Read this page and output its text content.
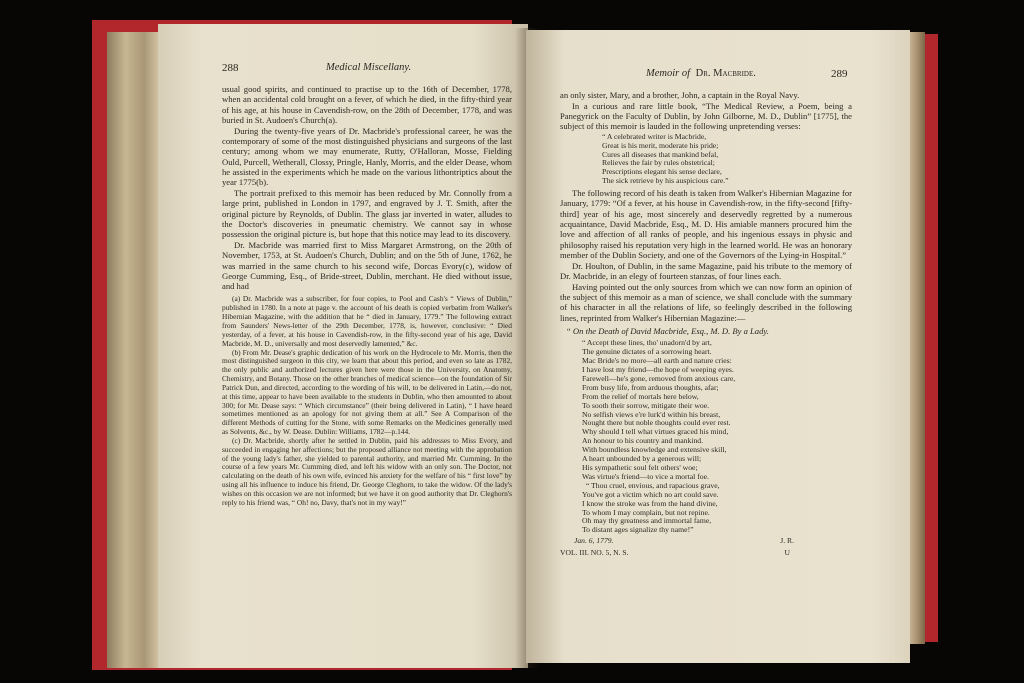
288	Medical Miscellany.

usual good spirits, and continued to practise up to the 16th of December, 1778, when an accidental cold brought on a fever, of which he died, in the fifty-third year of his age, at his house in Cavendish-row, on the 28th of December, 1778, and was buried in St. Audoen's Church(a).

During the twenty-five years of Dr. Macbride's professional career, he was the contemporary of some of the most distinguished physicians and surgeons of the last century; among whom we may enumerate, Rutty, O'Halloran, Mosse, Fielding Ould, Purcell, Wetherall, Clossy, Pringle, Hanly, Morris, and the elder Dease, whom he assisted in the experiments which he made on the various lithontriptics about the year 1775(b).

The portrait prefixed to this memoir has been reduced by Mr. Connolly from a large print, published in London in 1797, and engraved by J. T. Smith, after the original picture by Reynolds, of Dublin. The glass jar inverted in water, alludes to the Doctor's discoveries in pneumatic chemistry. We cannot say in whose possession the original picture is, but hope that this notice may lead to its discovery.

Dr. Macbride was married first to Miss Margaret Armstrong, on the 20th of November, 1753, at St. Audoen's Church, Dublin; and on the 5th of June, 1762, he was married in the same church to his second wife, Dorcas Evory(c), widow of George Cumming, Esq., of Bride-street, Dublin, merchant. He died without issue, and had

(a) Dr. Macbride was a subscriber, for four copies, to Pool and Cash's “ Views of Dublin,” published in 1780. In a note at page v. the account of his death is copied verbatim from Walker's Hibernian Magazine, with the addition that he “ died in January, 1779.” The following extract from Saunders' News-letter of the 29th December, 1778, is, however, conclusive: “ Died yesterday, of a fever, at his house in Cavendish-row, in the fifty-second year of his age, David Macbride, M. D., universally and most deservedly lamented,” &c.

(b) From Mr. Dease's graphic dedication of his work on the Hydrocele to Mr. Morris, then the most distinguished surgeon in this city, we learn that about this period, and even so late as 1782, the only public and authorized lectures given here were those in the University, on Anatomy, Chemistry, and Botany. Those on the other branches of medical science—on the foundation of Sir Patrick Dun, and directed, according to the wording of his will, to be delivered in Latin,—do not, at this time, appear to have been available to the students in Dublin, who then amounted to about 300; for Mr. Dease says: “ Which circumstance” (their being delivered in Latin), “ I have heard sometimes mentioned as an apology for not giving them at all.” See A Comparison of the different Methods of cutting for the Stone, with some Remarks on the Medicines generally used as Solvents, &c., by W. Dease. Dublin: Williams, 1782—p.144.

(c) Dr. Macbride, shortly after he settled in Dublin, paid his addresses to Miss Evory, and succeeded in engaging her affections; but the proposed alliance not meeting with the approbation of the young lady's father, she yielded to parental authority, and married Mr. Cumming. In the course of a few years Mr. Cumming died, and left his widow with an only son. The Doctor, not calculating on the death of his own wife, evinced his anxiety for the welfare of his “ first love” by using all his influence to induce his friend, Dr. George Cleghorn, to take the widow. Of the lady's wishes on this occasion we are not informed; but we have it on good authority that Dr. Cleghorn's reply to his friend was, “ Oh! no, Davy, that's not in my way!”

Memoir of Dr. Macbride.	289

an only sister, Mary, and a brother, John, a captain in the Royal Navy.

In a curious and rare little book, “The Medical Review, a Poem, being a Panegyrick on the Faculty of Dublin, by John Gilborne, M. D., Dublin” [1775], the subject of this memoir is lauded in the following unpretending verses:

“ A celebrated writer is Macbride,
Great is his merit, moderate his pride;
Cures all diseases that mankind befal,
Relieves the fair by rules obstetrical;
Prescriptions elegant his sense declare,
The sick retrieve by his auspicious care.”

The following record of his death is taken from Walker's Hibernian Magazine for January, 1779: “Of a fever, at his house in Cavendish-row, in the fifty-second [fifty-third] year of his age, most sincerely and deservedly regretted by a numerous acquaintance, David Macbride, Esq., M. D. His amiable manners procured him the love and affection of all ranks of people, and his ingenious essays in physic and philosophy raised his reputation very high in the learned world. He was an honorary member of the Dublin Society, and one of the Governors of the Lying-in Hospital.”

Dr. Houlton, of Dublin, in the same Magazine, paid his tribute to the memory of Dr. Macbride, in an elegy of fourteen stanzas, of four lines each.

Having pointed out the only sources from which we can now form an opinion of the subject of this memoir as a man of science, we shall conclude with the summary of his character in all the relations of life, so feelingly described in the following lines, reprinted from Walker's Hibernian Magazine:—

“ On the Death of David Macbride, Esq., M. D. By a Lady.
“ Accept these lines, tho' unadorn'd by art,
The genuine dictates of a sorrowing heart.
Mac Bride's no more—all earth and nature cries:
I have lost my friend—the hope of weeping eyes.
Farewell—he's gone, removed from anxious care,
From busy life, from arduous thoughts, afar;
From the relief of mortals here below,
To sooth their sorrow, mitigate their woe.
No selfish views e're lurk'd within his breast,
Nought there but noble thoughts could ever rest.
Why should I tell what virtues graced his mind,
An honour to his country and mankind.
With boundless knowledge and extensive skill,
A heart unbounded by a generous will;
His sympathetic soul felt others' woe;
Was virtue's friend—to vice a mortal foe.
“ Thou cruel, envious, and rapacious grave,
You've got a victim which no art could save.
I know the stroke was from the hand divine,
To whom I may complain, but not repine.
Oh may thy greatness and immortal fame,
To distant ages signalize thy name!”
Jan. 6, 1779.	J. R.
VOL. III. NO. 5, N. S.	U
